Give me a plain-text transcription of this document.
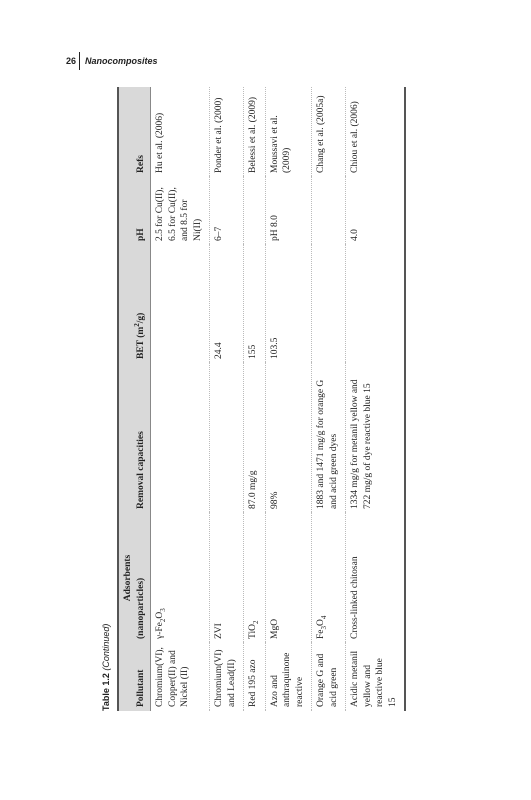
26 Nanocomposites
Table 1.2 (Continued)
Pollutant	Adsorbents (nanoparticles)	Removal capacities	BET $(m^2/g)$	pH	Refs
Chromium(VI), Copper(II) and Nickel (II)	$\gamma-Fe_2O_3$			2.5 for Cu(II), 6.5 for Cu(II), and 8.5 for Ni(II)	Hu et al. (2006)
Chromium(VI) and Lead(II)	ZVI		24.4	6–7	Ponder et al. (2000)
Red 195 azo	TiO$_2$	87.0 mg/g	155		Belessi et al. (2009)
Azo and anthraquinone reactive	MgO	98%	103.5	pH 8.0	Moussavi et al. (2009)
Orange G and acid green	$Fe_3O_4$	1883 and 1471 mg/g for orange G and acid green dyes			Chang et al. (2005a)
Acidic metanil yellow and reactive blue 15	Cross-linked chitosan	1334 mg/g for metanil yellow and 722 mg/g of dye reactive blue 15		4.0	Chiou et al. (2006)
